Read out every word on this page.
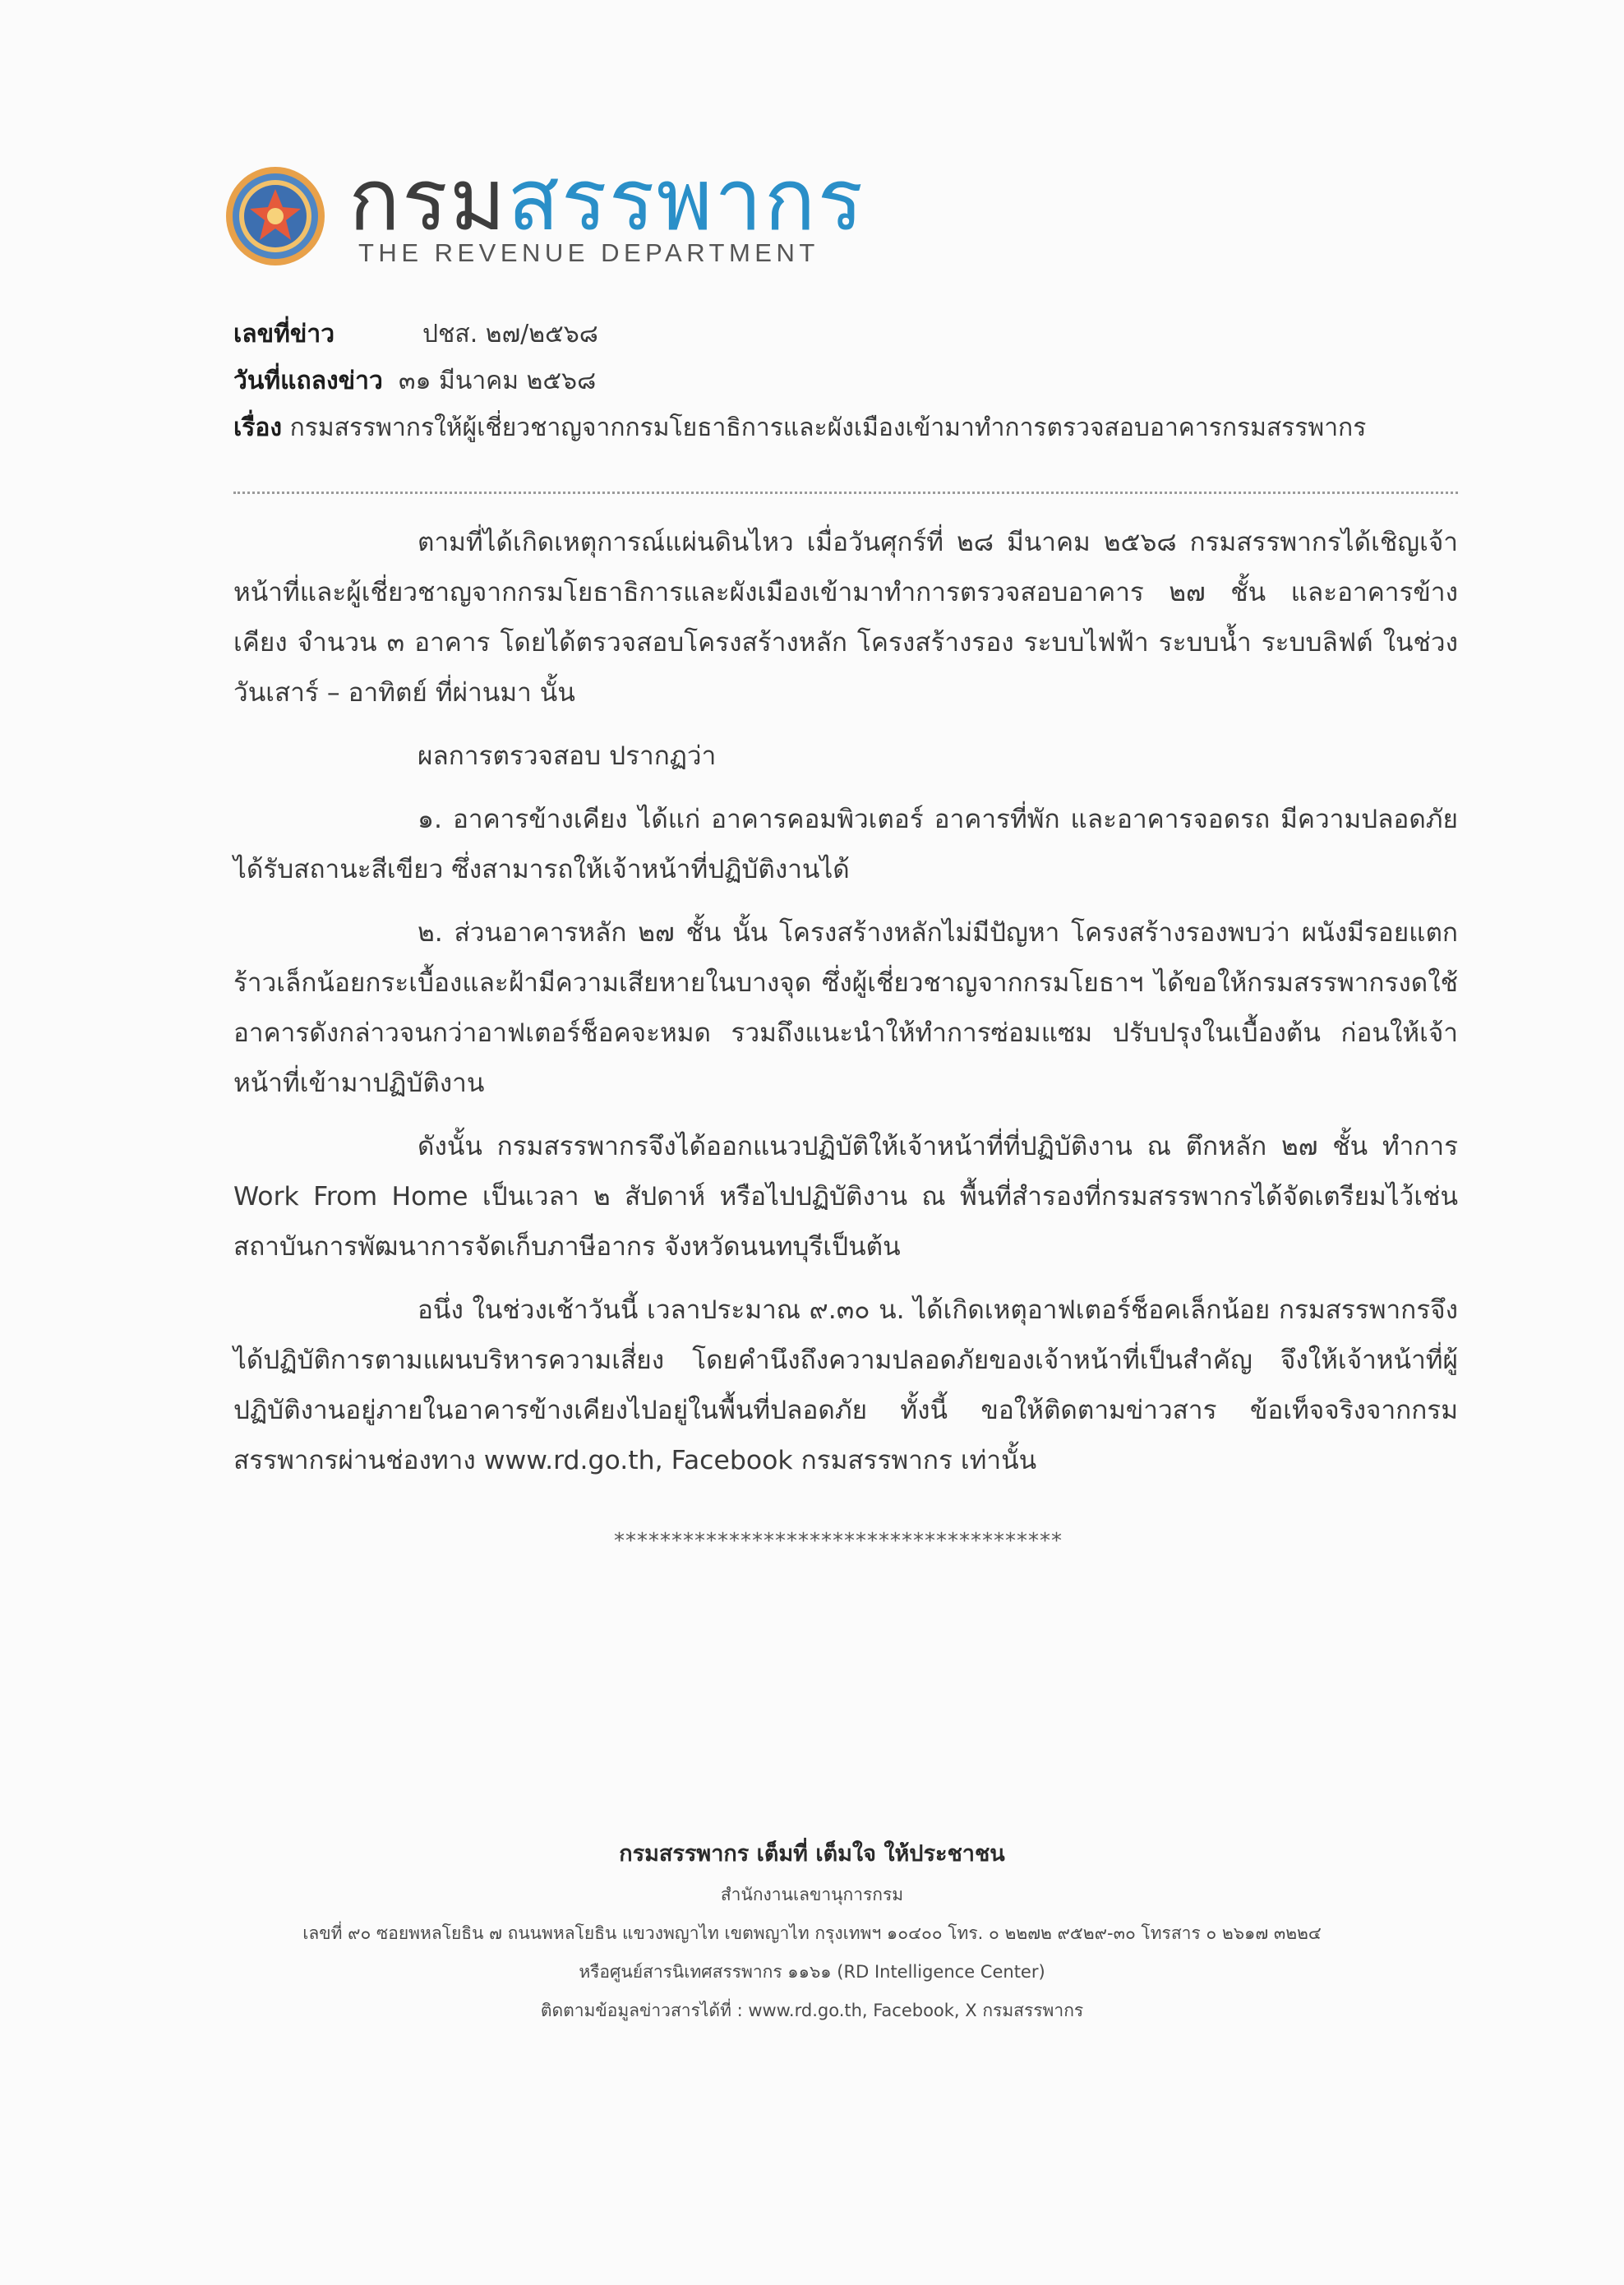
กรมสรรพากร
THE REVENUE DEPARTMENT
เลขที่ข่าว	ปชส. ๒๗/๒๕๖๘
วันที่แถลงข่าว ๓๑ มีนาคม ๒๕๖๘
เรื่อง กรมสรรพากรให้ผู้เชี่ยวชาญจากกรมโยธาธิการและผังเมืองเข้ามาทำการตรวจสอบอาคารกรมสรรพากร

ตามที่ได้เกิดเหตุการณ์แผ่นดินไหว เมื่อวันศุกร์ที่ ๒๘ มีนาคม ๒๕๖๘ กรมสรรพากรได้เชิญเจ้าหน้าที่และผู้เชี่ยวชาญจากกรมโยธาธิการและผังเมืองเข้ามาทำการตรวจสอบอาคาร ๒๗ ชั้น และอาคารข้างเคียง จำนวน ๓ อาคาร โดยได้ตรวจสอบโครงสร้างหลัก โครงสร้างรอง ระบบไฟฟ้า ระบบน้ำ ระบบลิฟต์ ในช่วงวันเสาร์ – อาทิตย์ ที่ผ่านมา นั้น

ผลการตรวจสอบ ปรากฏว่า

๑. อาคารข้างเคียง ได้แก่ อาคารคอมพิวเตอร์ อาคารที่พัก และอาคารจอดรถ มีความปลอดภัย ได้รับสถานะสีเขียว ซึ่งสามารถให้เจ้าหน้าที่ปฏิบัติงานได้

๒. ส่วนอาคารหลัก ๒๗ ชั้น นั้น โครงสร้างหลักไม่มีปัญหา โครงสร้างรองพบว่า ผนังมีรอยแตกร้าวเล็กน้อยกระเบื้องและฝ้ามีความเสียหายในบางจุด ซึ่งผู้เชี่ยวชาญจากกรมโยธาฯ ได้ขอให้กรมสรรพากรงดใช้อาคารดังกล่าวจนกว่าอาฟเตอร์ช็อคจะหมด รวมถึงแนะนำให้ทำการซ่อมแซม ปรับปรุงในเบื้องต้น ก่อนให้เจ้าหน้าที่เข้ามาปฏิบัติงาน

ดังนั้น กรมสรรพากรจึงได้ออกแนวปฏิบัติให้เจ้าหน้าที่ที่ปฏิบัติงาน ณ ตึกหลัก ๒๗ ชั้น ทำการ Work From Home เป็นเวลา ๒ สัปดาห์ หรือไปปฏิบัติงาน ณ พื้นที่สำรองที่กรมสรรพากรได้จัดเตรียมไว้เช่น สถาบันการพัฒนาการจัดเก็บภาษีอากร จังหวัดนนทบุรีเป็นต้น

อนึ่ง ในช่วงเช้าวันนี้ เวลาประมาณ ๙.๓๐ น. ได้เกิดเหตุอาฟเตอร์ช็อคเล็กน้อย กรมสรรพากรจึงได้ปฏิบัติการตามแผนบริหารความเสี่ยง โดยคำนึงถึงความปลอดภัยของเจ้าหน้าที่เป็นสำคัญ จึงให้เจ้าหน้าที่ผู้ปฏิบัติงานอยู่ภายในอาคารข้างเคียงไปอยู่ในพื้นที่ปลอดภัย ทั้งนี้ ขอให้ติดตามข่าวสาร ข้อเท็จจริงจากกรมสรรพากรผ่านช่องทาง www.rd.go.th, Facebook กรมสรรพากร เท่านั้น

***************************************
กรมสรรพากร เต็มที่ เต็มใจ ให้ประชาชน
สำนักงานเลขานุการกรม
เลขที่ ๙๐ ซอยพหลโยธิน ๗ ถนนพหลโยธิน แขวงพญาไท เขตพญาไท กรุงเทพฯ ๑๐๔๐๐ โทร. ๐ ๒๒๗๒ ๙๕๒๙-๓๐ โทรสาร ๐ ๒๖๑๗ ๓๒๒๔
หรือศูนย์สารนิเทศสรรพากร ๑๑๖๑ (RD Intelligence Center)
ติดตามข้อมูลข่าวสารได้ที่ : www.rd.go.th, Facebook, X กรมสรรพากร
